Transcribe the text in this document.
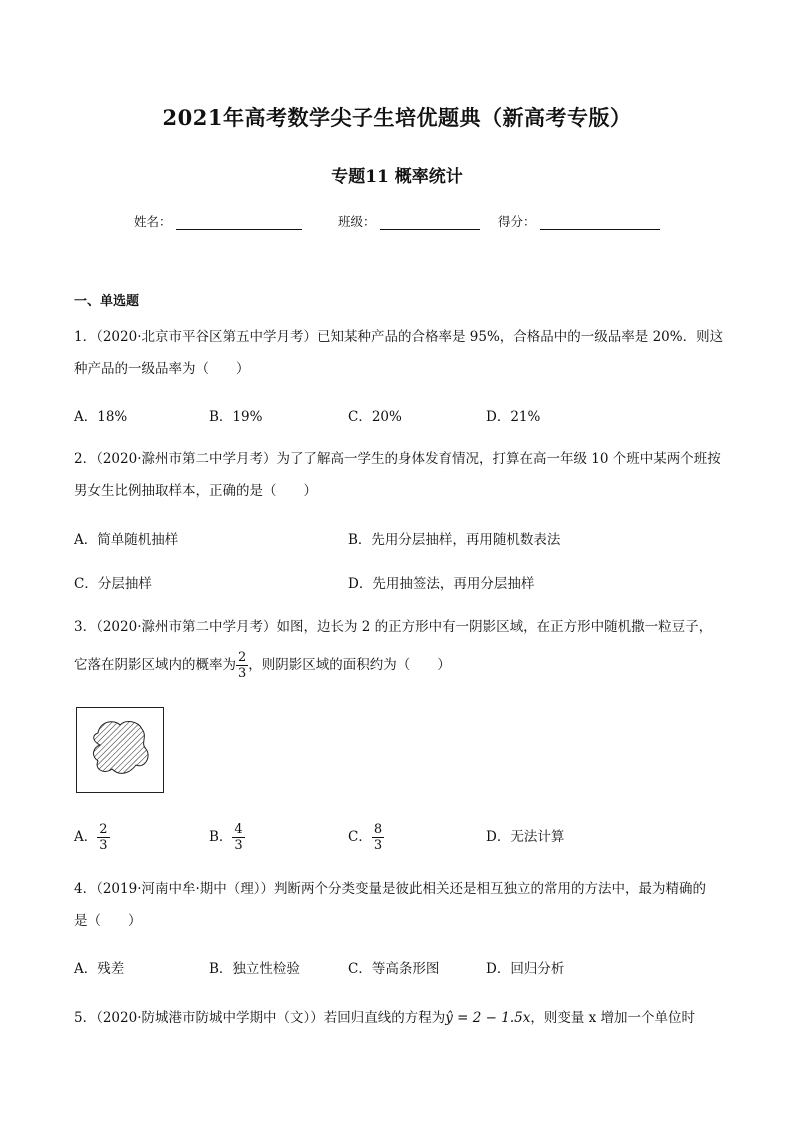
2021年高考数学尖子生培优题典（新高考专版）
专题11 概率统计
姓名：	班级：	得分：
一、单选题
1．（2020·北京市平谷区第五中学月考）已知某种产品的合格率是 95%，合格品中的一级品率是 20%．则这
种产品的一级品率为（　　）
A．18%	B．19%	C．20%	D．21%
2．（2020·滁州市第二中学月考）为了了解高一学生的身体发育情况，打算在高一年级 10 个班中某两个班按
男女生比例抽取样本，正确的是（　　）
A．简单随机抽样	B．先用分层抽样，再用随机数表法
C．分层抽样	D．先用抽签法，再用分层抽样
3．（2020·滁州市第二中学月考）如图，边长为 2 的正方形中有一阴影区域，在正方形中随机撒一粒豆子，
它落在阴影区域内的概率为 $\frac{2}{3}$ ，则阴影区域的面积约为（　　）
A． $\frac{2}{3}$	B． $\frac{4}{3}$	C． $\frac{8}{3}$	D．无法计算
4．（2019·河南中牟·期中（理））判断两个分类变量是彼此相关还是相互独立的常用的方法中，最为精确的
是（　　）
A．残差	B．独立性检验	C．等高条形图	D．回归分析
5．（2020·防城港市防城中学期中（文））若回归直线的方程为ŷ = 2 − 1.5x，则变量 x 增加一个单位时
